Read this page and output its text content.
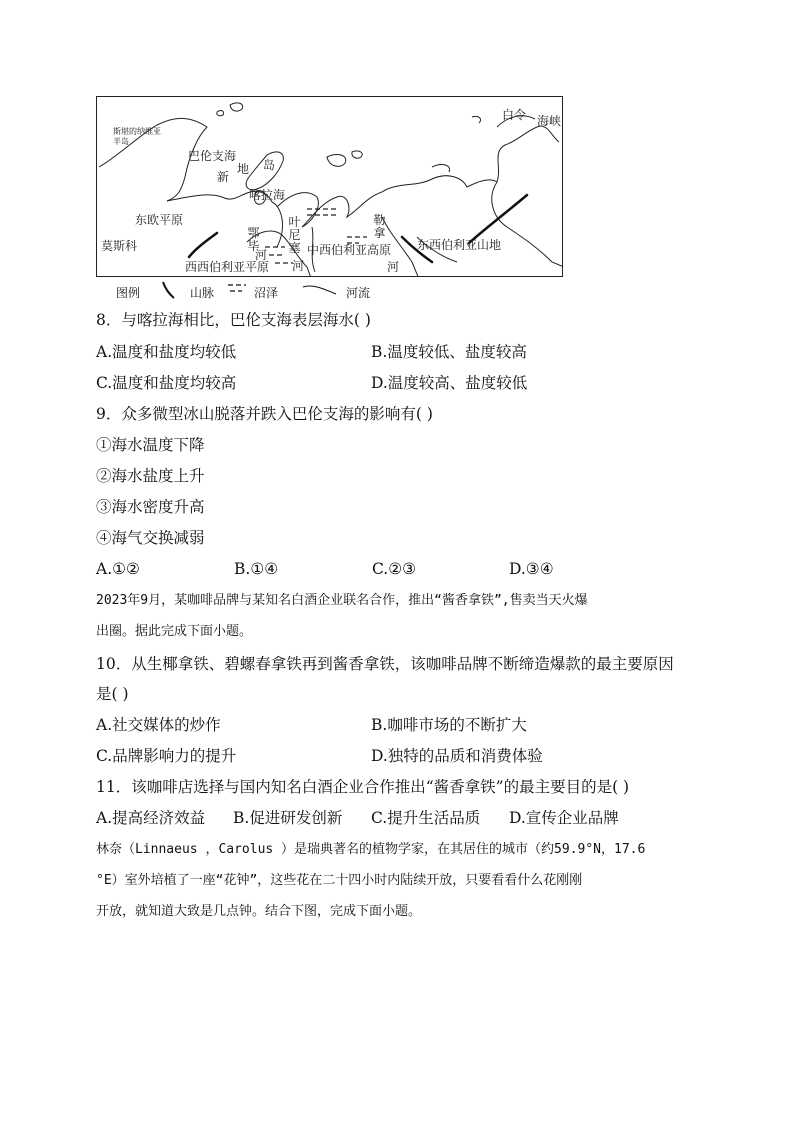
白令 海峡
斯堪的纳维亚半岛
巴伦支海
新
地 岛
喀拉海
东欧平原
莫斯科
鄂毕
河
叶尼塞
河
勒拿
河
西西伯利亚平原
中西伯利亚高原 东西伯利亚山地
图例	山脉	沼泽	河流
8．与喀拉海相比，巴伦支海表层海水( )
A.温度和盐度均较低	B.温度较低、盐度较高
C.温度和盐度均较高	D.温度较高、盐度较低
9．众多微型冰山脱落并跌入巴伦支海的影响有( )
①海水温度下降
②海水盐度上升
③海水密度升高
④海气交换减弱
A.①②	B.①④	C.②③	D.③④
2023年9月，某咖啡品牌与某知名白酒企业联名合作，推出“酱香拿铁”,售卖当天火爆
出圈。据此完成下面小题。
10．从生椰拿铁、碧螺春拿铁再到酱香拿铁，该咖啡品牌不断缔造爆款的最主要原因
是( )
A.社交媒体的炒作	B.咖啡市场的不断扩大
C.品牌影响力的提升	D.独特的品质和消费体验
11．该咖啡店选择与国内知名白酒企业合作推出“酱香拿铁”的最主要目的是( )
A.提高经济效益 B.促进研发创新 C.提升生活品质 D.宣传企业品牌
林奈（Linnaeus ，Carolus ）是瑞典著名的植物学家，在其居住的城市（约59.9°N，17.6
°E）室外培植了一座“花钟”，这些花在二十四小时内陆续开放，只要看看什么花刚刚
开放，就知道大致是几点钟。结合下图，完成下面小题。
